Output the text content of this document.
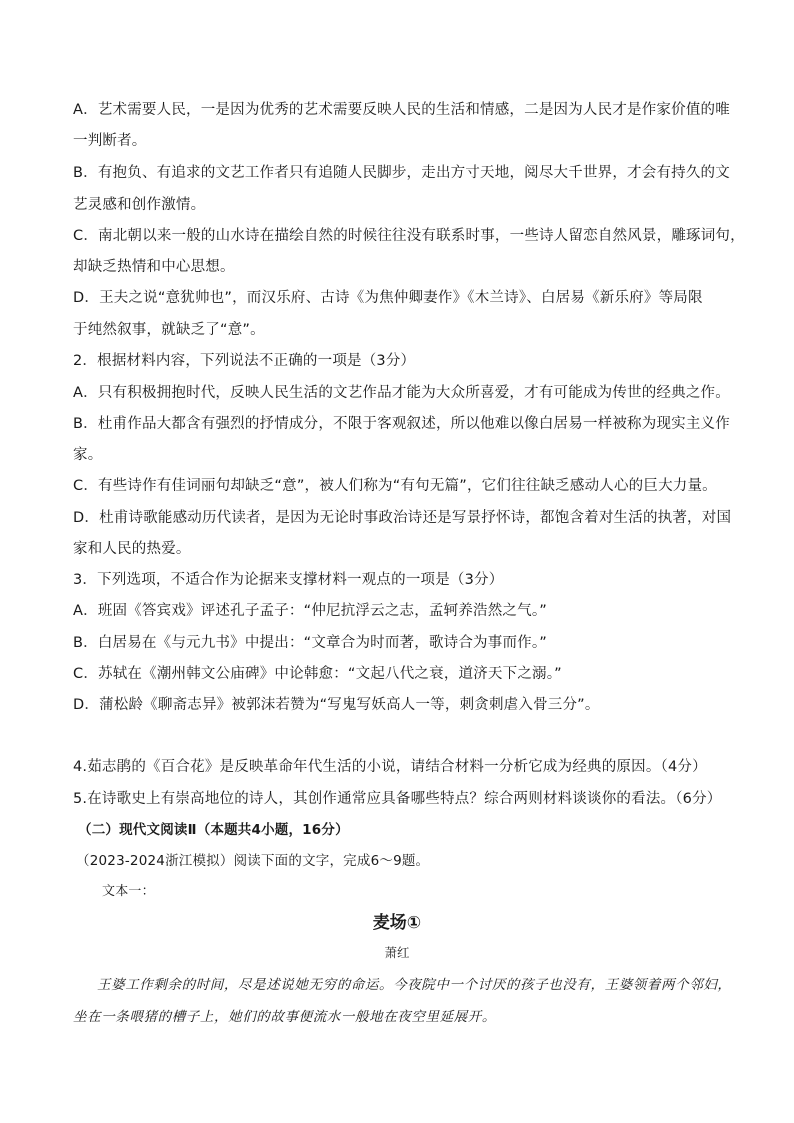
A．艺术需要人民，一是因为优秀的艺术需要反映人民的生活和情感，二是因为人民才是作家价值的唯
一判断者。
B．有抱负、有追求的文艺工作者只有追随人民脚步，走出方寸天地，阅尽大千世界，才会有持久的文
艺灵感和创作激情。
C．南北朝以来一般的山水诗在描绘自然的时候往往没有联系时事，一些诗人留恋自然风景，雕琢词句，
却缺乏热情和中心思想。
D．王夫之说“意犹帅也”，而汉乐府、古诗《为焦仲卿妻作》《木兰诗》、白居易《新乐府》等局限
于纯然叙事，就缺乏了“意”。
2．根据材料内容，下列说法不正确的一项是（3分）
A．只有积极拥抱时代，反映人民生活的文艺作品才能为大众所喜爱，才有可能成为传世的经典之作。
B．杜甫作品大都含有强烈的抒情成分，不限于客观叙述，所以他难以像白居易一样被称为现实主义作
家。
C．有些诗作有佳词丽句却缺乏“意”，被人们称为“有句无篇”，它们往往缺乏感动人心的巨大力量。
D．杜甫诗歌能感动历代读者，是因为无论时事政治诗还是写景抒怀诗，都饱含着对生活的执著，对国
家和人民的热爱。
3．下列选项，不适合作为论据来支撑材料一观点的一项是（3分）
A．班固《答宾戏》评述孔子孟子：“仲尼抗浮云之志，孟轲养浩然之气。”
B．白居易在《与元九书》中提出：“文章合为时而著，歌诗合为事而作。”
C．苏轼在《潮州韩文公庙碑》中论韩愈：“文起八代之衰，道济天下之溺。”
D．蒲松龄《聊斋志异》被郭沫若赞为“写鬼写妖高人一等，刺贪刺虐入骨三分”。
4.茹志鹃的《百合花》是反映革命年代生活的小说，请结合材料一分析它成为经典的原因。（4分）
5.在诗歌史上有崇高地位的诗人，其创作通常应具备哪些特点？综合两则材料谈谈你的看法。（6分）
（二）现代文阅读Ⅱ（本题共4小题，16分）
（2023-2024浙江模拟）阅读下面的文字，完成6～9题。
文本一：
麦场①
萧红
王婆工作剩余的时间，尽是述说她无穷的命运。今夜院中一个讨厌的孩子也没有，王婆领着两个邻妇，
坐在一条喂猪的槽子上，她们的故事便流水一般地在夜空里延展开。
